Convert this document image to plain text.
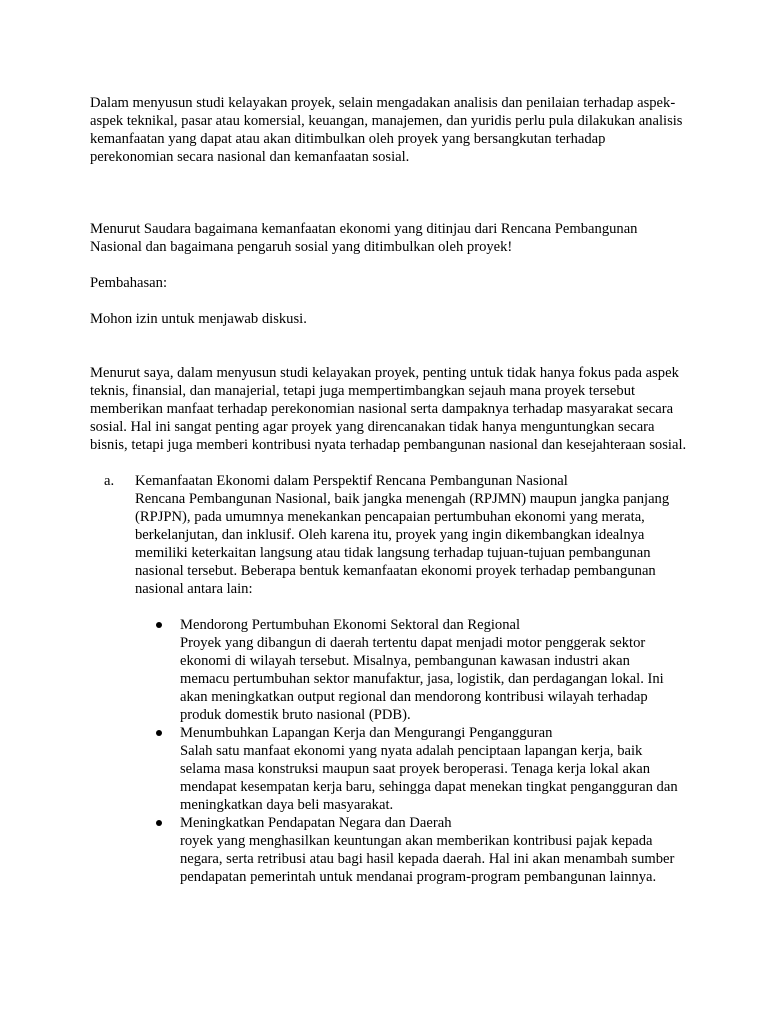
Dalam menyusun studi kelayakan proyek, selain mengadakan analisis dan penilaian terhadap aspek-aspek teknikal, pasar atau komersial, keuangan, manajemen, dan yuridis perlu pula dilakukan analisis kemanfaatan yang dapat atau akan ditimbulkan oleh proyek yang bersangkutan terhadap perekonomian secara nasional dan kemanfaatan sosial.

Menurut Saudara bagaimana kemanfaatan ekonomi yang ditinjau dari Rencana Pembangunan Nasional dan bagaimana pengaruh sosial yang ditimbulkan oleh proyek!

Pembahasan:

Mohon izin untuk menjawab diskusi.

Menurut saya, dalam menyusun studi kelayakan proyek, penting untuk tidak hanya fokus pada aspek teknis, finansial, dan manajerial, tetapi juga mempertimbangkan sejauh mana proyek tersebut memberikan manfaat terhadap perekonomian nasional serta dampaknya terhadap masyarakat secara sosial. Hal ini sangat penting agar proyek yang direncanakan tidak hanya menguntungkan secara bisnis, tetapi juga memberi kontribusi nyata terhadap pembangunan nasional dan kesejahteraan sosial.

a. Kemanfaatan Ekonomi dalam Perspektif Rencana Pembangunan Nasional

Rencana Pembangunan Nasional, baik jangka menengah (RPJMN) maupun jangka panjang (RPJPN), pada umumnya menekankan pencapaian pertumbuhan ekonomi yang merata, berkelanjutan, dan inklusif. Oleh karena itu, proyek yang ingin dikembangkan idealnya memiliki keterkaitan langsung atau tidak langsung terhadap tujuan-tujuan pembangunan nasional tersebut. Beberapa bentuk kemanfaatan ekonomi proyek terhadap pembangunan nasional antara lain:

Mendorong Pertumbuhan Ekonomi Sektoral dan Regional

Proyek yang dibangun di daerah tertentu dapat menjadi motor penggerak sektor ekonomi di wilayah tersebut. Misalnya, pembangunan kawasan industri akan memacu pertumbuhan sektor manufaktur, jasa, logistik, dan perdagangan lokal. Ini akan meningkatkan output regional dan mendorong kontribusi wilayah terhadap produk domestik bruto nasional (PDB).

Menumbuhkan Lapangan Kerja dan Mengurangi Pengangguran

Salah satu manfaat ekonomi yang nyata adalah penciptaan lapangan kerja, baik selama masa konstruksi maupun saat proyek beroperasi. Tenaga kerja lokal akan mendapat kesempatan kerja baru, sehingga dapat menekan tingkat pengangguran dan meningkatkan daya beli masyarakat.

Meningkatkan Pendapatan Negara dan Daerah

royek yang menghasilkan keuntungan akan memberikan kontribusi pajak kepada negara, serta retribusi atau bagi hasil kepada daerah. Hal ini akan menambah sumber pendapatan pemerintah untuk mendanai program-program pembangunan lainnya.
